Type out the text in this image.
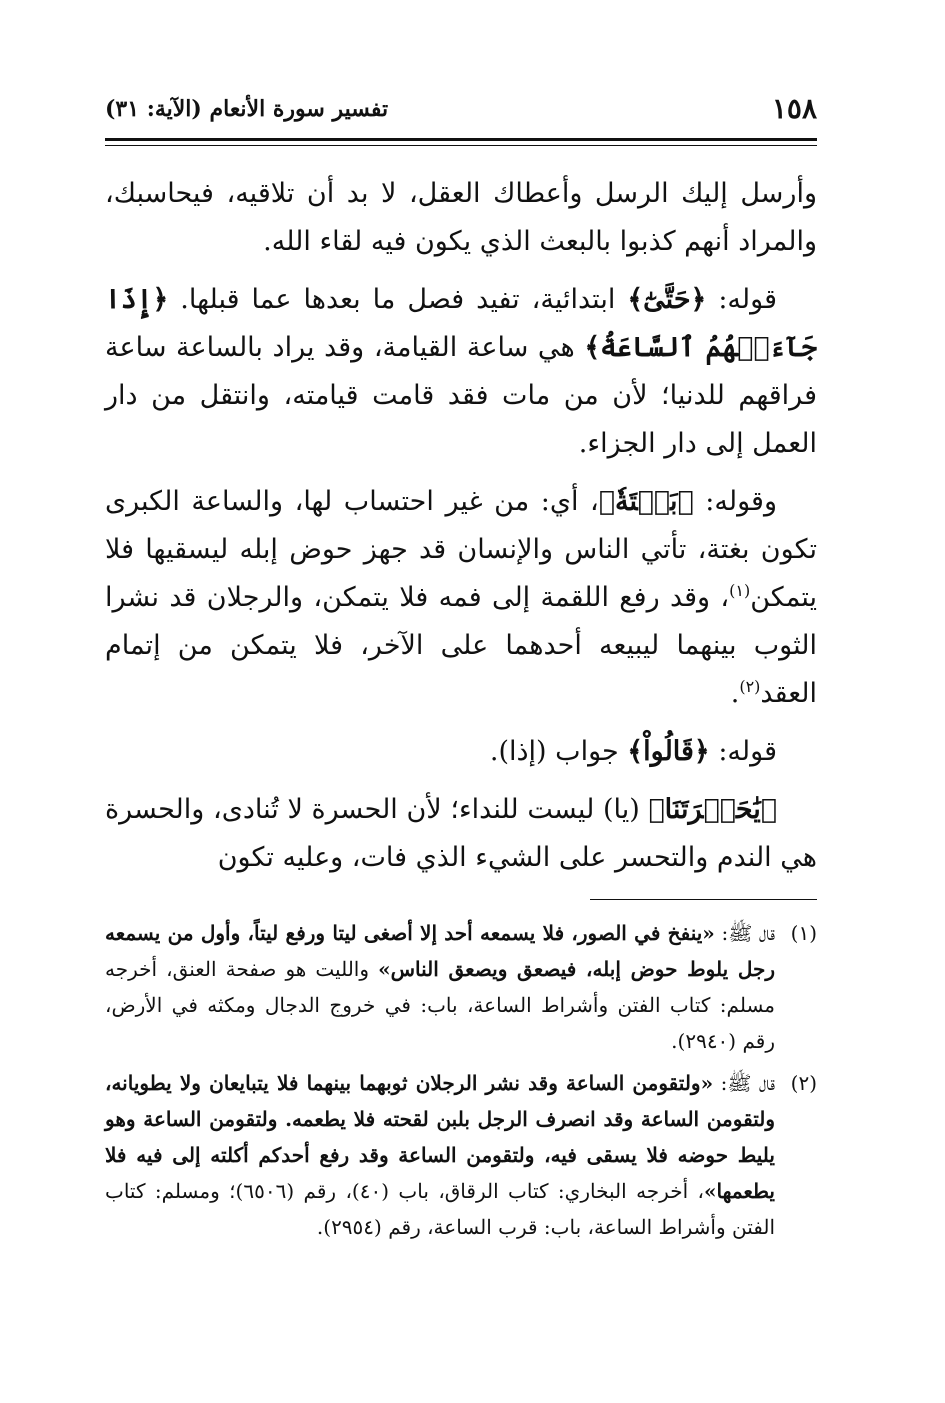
١٥٨
تفسير سورة الأنعام (الآية: ٣١)

وأرسل إليك الرسل وأعطاك العقل، لا بد أن تلاقيه، فيحاسبك، والمراد أنهم كذبوا بالبعث الذي يكون فيه لقاء الله.

قوله: ﴿حَتَّىٰٓ﴾ ابتدائية، تفيد فصل ما بعدها عما قبلها. ﴿إِذَا جَآءَتۡهُمُ ٱلسَّاعَةُ﴾ هي ساعة القيامة، وقد يراد بالساعة ساعة فراقهم للدنيا؛ لأن من مات فقد قامت قيامته، وانتقل من دار العمل إلى دار الجزاء.

وقوله: ﴿بَغۡتَةٗ﴾، أي: من غير احتساب لها، والساعة الكبرى تكون بغتة، تأتي الناس والإنسان قد جهز حوض إبله ليسقيها فلا يتمكن$^{(١)}$، وقد رفع اللقمة إلى فمه فلا يتمكن، والرجلان قد نشرا الثوب بينهما ليبيعه أحدهما على الآخر، فلا يتمكن من إتمام العقد$^{(٢)}$.

قوله: ﴿قَالُواْ﴾ جواب (إذا).

﴿يَٰحَسۡرَتَنَا﴾ (يا) ليست للنداء؛ لأن الحسرة لا تُنادى، والحسرة هي الندم والتحسر على الشيء الذي فات، وعليه تكون

(١)
قال ﷺ: «ينفخ في الصور، فلا يسمعه أحد إلا أصغى ليتا ورفع ليتاً، وأول من يسمعه رجل يلوط حوض إبله، فيصعق ويصعق الناس» والليت هو صفحة العنق، أخرجه مسلم: كتاب الفتن وأشراط الساعة، باب: في خروج الدجال ومكثه في الأرض، رقم (٢٩٤٠).
(٢)
قال ﷺ: «ولتقومن الساعة وقد نشر الرجلان ثوبهما بينهما فلا يتبايعان ولا يطويانه، ولتقومن الساعة وقد انصرف الرجل بلبن لقحته فلا يطعمه. ولتقومن الساعة وهو يليط حوضه فلا يسقى فيه، ولتقومن الساعة وقد رفع أحدكم أكلته إلى فيه فلا يطعمها»، أخرجه البخاري: كتاب الرقاق، باب (٤٠)، رقم (٦٥٠٦)؛ ومسلم: كتاب الفتن وأشراط الساعة، باب: قرب الساعة، رقم (٢٩٥٤).
